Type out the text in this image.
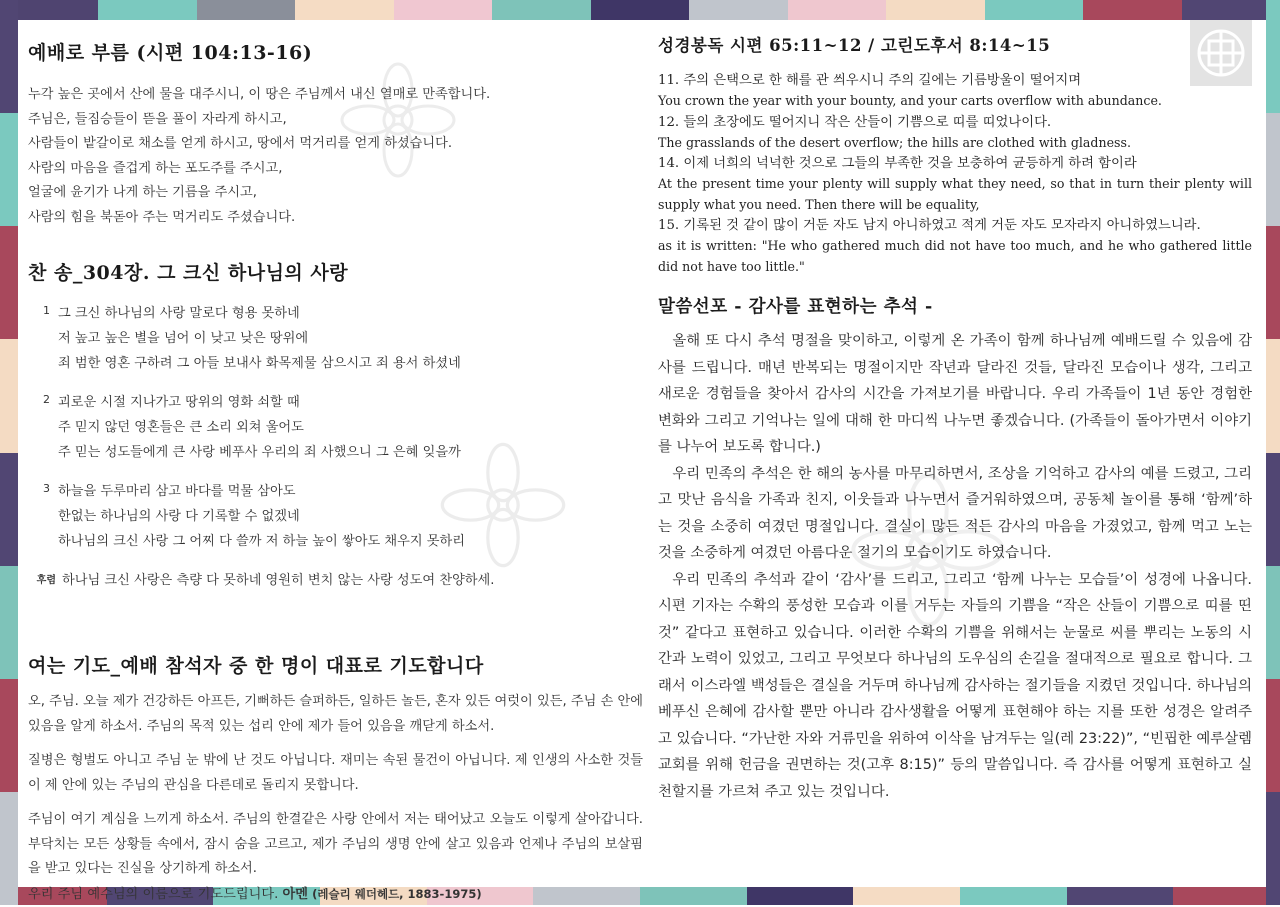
예배로 부름 (시편 104:13-16)
누각 높은 곳에서 산에 물을 대주시니, 이 땅은 주님께서 내신 열매로 만족합니다.
주님은, 들짐승들이 뜯을 풀이 자라게 하시고,
사람들이 밭갈이로 채소를 얻게 하시고, 땅에서 먹거리를 얻게 하셨습니다.
사람의 마음을 즐겁게 하는 포도주를 주시고,
얼굴에 윤기가 나게 하는 기름을 주시고,
사람의 힘을 북돋아 주는 먹거리도 주셨습니다.
찬 송_304장. 그 크신 하나님의 사랑
1 그 크신 하나님의 사랑 말로다 형용 못하네
저 높고 높은 별을 넘어 이 낮고 낮은 땅위에
죄 범한 영혼 구하려 그 아들 보내사 화목제물 삼으시고 죄 용서 하셨네
2 괴로운 시절 지나가고 땅위의 영화 쇠할 때
주 믿지 않던 영혼들은 큰 소리 외쳐 울어도
주 믿는 성도들에게 큰 사랑 베푸사 우리의 죄 사했으니 그 은혜 잊을까
3 하늘을 두루마리 삼고 바다를 먹물 삼아도
한없는 하나님의 사랑 다 기록할 수 없겠네
하나님의 크신 사랑 그 어찌 다 쓸까 저 하늘 높이 쌓아도 채우지 못하리
후렴 하나님 크신 사랑은 측량 다 못하네 영원히 변치 않는 사랑 성도여 찬양하세.
여는 기도_예배 참석자 중 한 명이 대표로 기도합니다

오, 주님. 오늘 제가 건강하든 아프든, 기뻐하든 슬퍼하든, 일하든 놀든, 혼자 있든 여럿이 있든, 주님 손 안에 있음을 알게 하소서. 주님의 목적 있는 섭리 안에 제가 들어 있음을 깨닫게 하소서.

질병은 형벌도 아니고 주님 눈 밖에 난 것도 아닙니다. 재미는 속된 물건이 아닙니다. 제 인생의 사소한 것들이 제 안에 있는 주님의 관심을 다른데로 돌리지 못합니다.

주님이 여기 계심을 느끼게 하소서. 주님의 한결같은 사랑 안에서 저는 태어났고 오늘도 이렇게 살아갑니다. 부닥치는 모든 상황들 속에서, 잠시 숨을 고르고, 제가 주님의 생명 안에 살고 있음과 언제나 주님의 보살핌을 받고 있다는 진실을 상기하게 하소서.

우리 주님 예수님의 이름으로 기도드립니다. 아멘 (레슬리 웨더헤드, 1883-1975)
성경봉독 시편 65:11~12 / 고린도후서 8:14~15
11. 주의 은택으로 한 해를 관 씌우시니 주의 길에는 기름방울이 떨어지며
You crown the year with your bounty, and your carts overflow with abundance.
12. 들의 초장에도 떨어지니 작은 산들이 기쁨으로 띠를 띠었나이다.
The grasslands of the desert overflow; the hills are clothed with gladness.
14. 이제 너희의 넉넉한 것으로 그들의 부족한 것을 보충하여 균등하게 하려 함이라
At the present time your plenty will supply what they need, so that in turn their plenty will supply what you need. Then there will be equality,
15. 기록된 것 같이 많이 거둔 자도 남지 아니하였고 적게 거둔 자도 모자라지 아니하였느니라.
as it is written: "He who gathered much did not have too much, and he who gathered little did not have too little."
말씀선포 - 감사를 표현하는 추석 -

올해 또 다시 추석 명절을 맞이하고, 이렇게 온 가족이 함께 하나님께 예배드릴 수 있음에 감사를 드립니다. 매년 반복되는 명절이지만 작년과 달라진 것들, 달라진 모습이나 생각, 그리고 새로운 경험들을 찾아서 감사의 시간을 가져보기를 바랍니다. 우리 가족들이 1년 동안 경험한 변화와 그리고 기억나는 일에 대해 한 마디씩 나누면 좋겠습니다. (가족들이 돌아가면서 이야기를 나누어 보도록 합니다.)

우리 민족의 추석은 한 해의 농사를 마무리하면서, 조상을 기억하고 감사의 예를 드렸고, 그리고 맛난 음식을 가족과 친지, 이웃들과 나누면서 즐거워하였으며, 공동체 놀이를 통해 ‘함께’하는 것을 소중히 여겼던 명절입니다. 결실이 많든 적든 감사의 마음을 가졌었고, 함께 먹고 노는 것을 소중하게 여겼던 아름다운 절기의 모습이기도 하였습니다.

우리 민족의 추석과 같이 ‘감사’를 드리고, 그리고 ‘함께 나누는 모습들’이 성경에 나옵니다. 시편 기자는 수확의 풍성한 모습과 이를 거두는 자들의 기쁨을 “작은 산들이 기쁨으로 띠를 띤 것” 같다고 표현하고 있습니다. 이러한 수확의 기쁨을 위해서는 눈물로 씨를 뿌리는 노동의 시간과 노력이 있었고, 그리고 무엇보다 하나님의 도우심의 손길을 절대적으로 필요로 합니다. 그래서 이스라엘 백성들은 결실을 거두며 하나님께 감사하는 절기들을 지켰던 것입니다. 하나님의 베푸신 은혜에 감사할 뿐만 아니라 감사생활을 어떻게 표현해야 하는 지를 또한 성경은 알려주고 있습니다. “가난한 자와 거류민을 위하여 이삭을 남겨두는 일(레 23:22)”, “빈핍한 예루살렘 교회를 위해 헌금을 권면하는 것(고후 8:15)” 등의 말씀입니다. 즉 감사를 어떻게 표현하고 실천할지를 가르쳐 주고 있는 것입니다.
